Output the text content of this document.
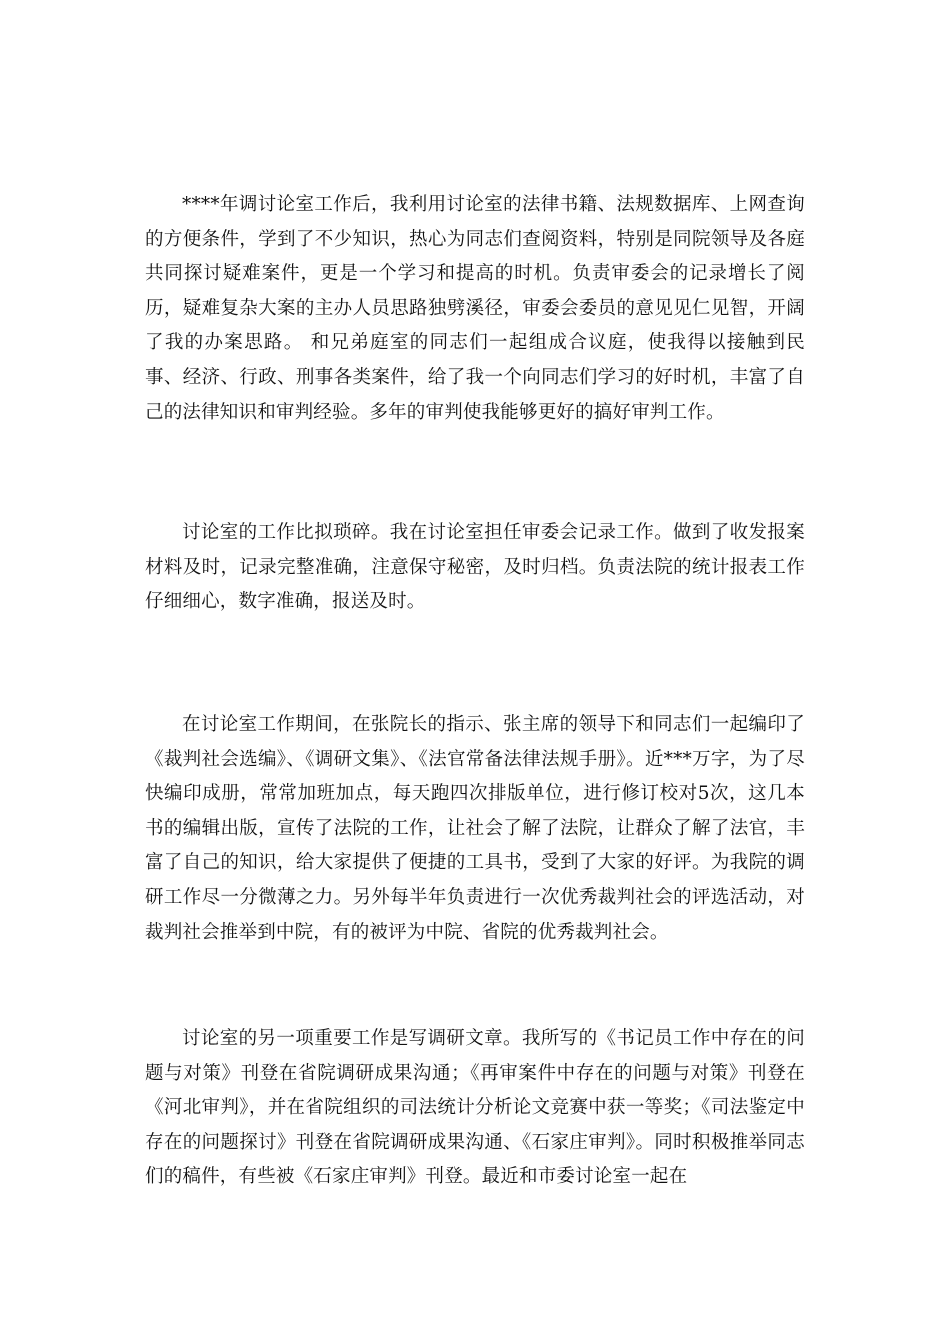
****年调讨论室工作后，我利用讨论室的法律书籍、法规数据库、上网查询的方便条件，学到了不少知识，热心为同志们查阅资料，特别是同院领导及各庭共同探讨疑难案件，更是一个学习和提高的时机。负责审委会的记录增长了阅历，疑难复杂大案的主办人员思路独劈溪径，审委会委员的意见见仁见智，开阔了我的办案思路。 和兄弟庭室的同志们一起组成合议庭，使我得以接触到民事、经济、行政、刑事各类案件，给了我一个向同志们学习的好时机，丰富了自己的法律知识和审判经验。多年的审判使我能够更好的搞好审判工作。

讨论室的工作比拟琐碎。我在讨论室担任审委会记录工作。做到了收发报案材料及时，记录完整准确，注意保守秘密，及时归档。负责法院的统计报表工作仔细细心，数字准确，报送及时。

在讨论室工作期间，在张院长的指示、张主席的领导下和同志们一起编印了《裁判社会选编》、《调研文集》、《法官常备法律法规手册》。近***万字，为了尽快编印成册，常常加班加点，每天跑四次排版单位，进行修订校对5次，这几本书的编辑出版，宣传了法院的工作，让社会了解了法院，让群众了解了法官，丰富了自己的知识，给大家提供了便捷的工具书，受到了大家的好评。为我院的调研工作尽一分微薄之力。另外每半年负责进行一次优秀裁判社会的评选活动，对裁判社会推举到中院，有的被评为中院、省院的优秀裁判社会。

讨论室的另一项重要工作是写调研文章。我所写的《书记员工作中存在的问题与对策》刊登在省院调研成果沟通；《再审案件中存在的问题与对策》刊登在《河北审判》，并在省院组织的司法统计分析论文竞赛中获一等奖；《司法鉴定中存在的问题探讨》刊登在省院调研成果沟通、《石家庄审判》。同时积极推举同志们的稿件，有些被《石家庄审判》刊登。最近和市委讨论室一起在
